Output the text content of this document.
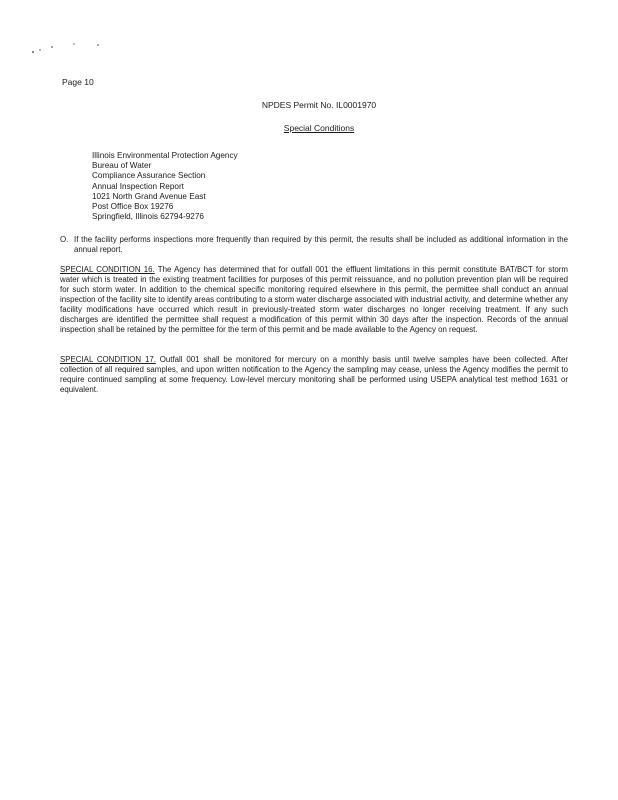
Page 10
NPDES Permit No. IL0001970
Special Conditions
Illinois Environmental Protection Agency
Bureau of Water
Compliance Assurance Section
Annual Inspection Report
1021 North Grand Avenue East
Post Office Box 19276
Springfield, Illinois 62794-9276
O. If the facility performs inspections more frequently than required by this permit, the results shall be included as additional information in the annual report.
SPECIAL CONDITION 16. The Agency has determined that for outfall 001 the effluent limitations in this permit constitute BAT/BCT for storm water which is treated in the existing treatment facilities for purposes of this permit reissuance, and no pollution prevention plan will be required for such storm water. In addition to the chemical specific monitoring required elsewhere in this permit, the permittee shall conduct an annual inspection of the facility site to identify areas contributing to a storm water discharge associated with industrial activity, and determine whether any facility modifications have occurred which result in previously-treated storm water discharges no longer receiving treatment. If any such discharges are identified the permittee shall request a modification of this permit within 30 days after the inspection. Records of the annual inspection shall be retained by the permittee for the term of this permit and be made available to the Agency on request.
SPECIAL CONDITION 17. Outfall 001 shall be monitored for mercury on a monthly basis until twelve samples have been collected. After collection of all required samples, and upon written notification to the Agency the sampling may cease, unless the Agency modifies the permit to require continued sampling at some frequency. Low-level mercury monitoring shall be performed using USEPA analytical test method 1631 or equivalent.
